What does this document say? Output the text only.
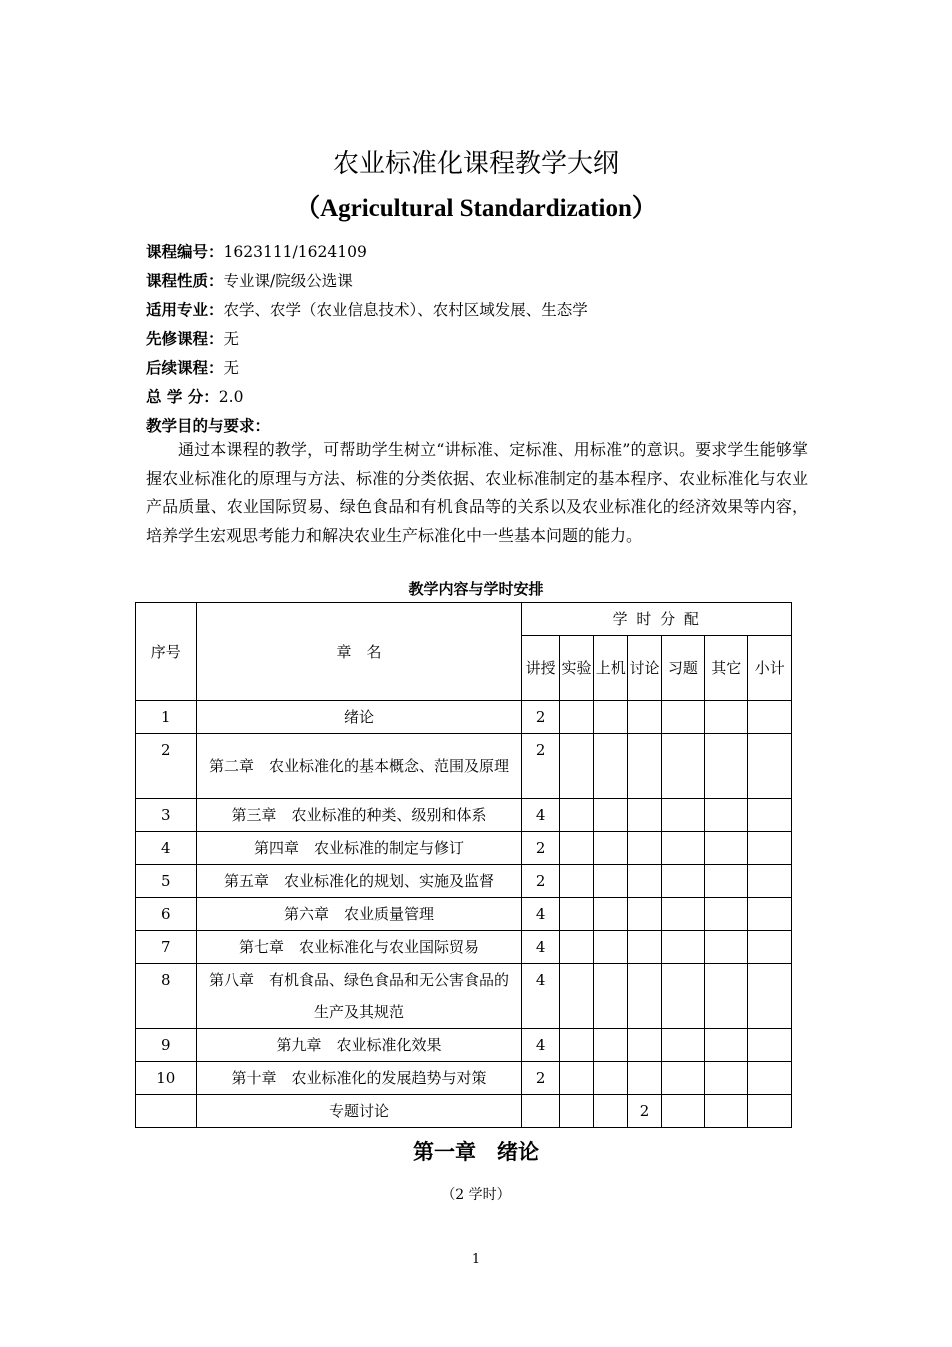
农业标准化课程教学大纲
（Agricultural Standardization）
课程编号：1623111/1624109
课程性质：专业课/院级公选课
适用专业：农学、农学（农业信息技术）、农村区域发展、生态学
先修课程：无
后续课程：无
总 学 分：2.0
教学目的与要求：
通过本课程的教学，可帮助学生树立“讲标准、定标准、用标准”的意识。要求学生能够掌握农业标准化的原理与方法、标准的分类依据、农业标准制定的基本程序、农业标准化与农业产品质量、农业国际贸易、绿色食品和有机食品等的关系以及农业标准化的经济效果等内容，培养学生宏观思考能力和解决农业生产标准化中一些基本问题的能力。
教学内容与学时安排
序号	章　名	学 时 分 配						
		讲授	实验	上机	讨论	习题	其它	小计
1	绪论	2						
2	第二章　农业标准化的基本概念、范围及原理	2						
3	第三章　农业标准的种类、级别和体系	4						
4	第四章　农业标准的制定与修订	2						
5	第五章　农业标准化的规划、实施及监督	2						
6	第六章　农业质量管理	4						
7	第七章　农业标准化与农业国际贸易	4						
8	第八章　有机食品、绿色食品和无公害食品的生产及其规范	4						
9	第九章　农业标准化效果	4						
10	第十章　农业标准化的发展趋势与对策	2						
	专题讨论				2			
第一章　绪论
（2 学时）
1
